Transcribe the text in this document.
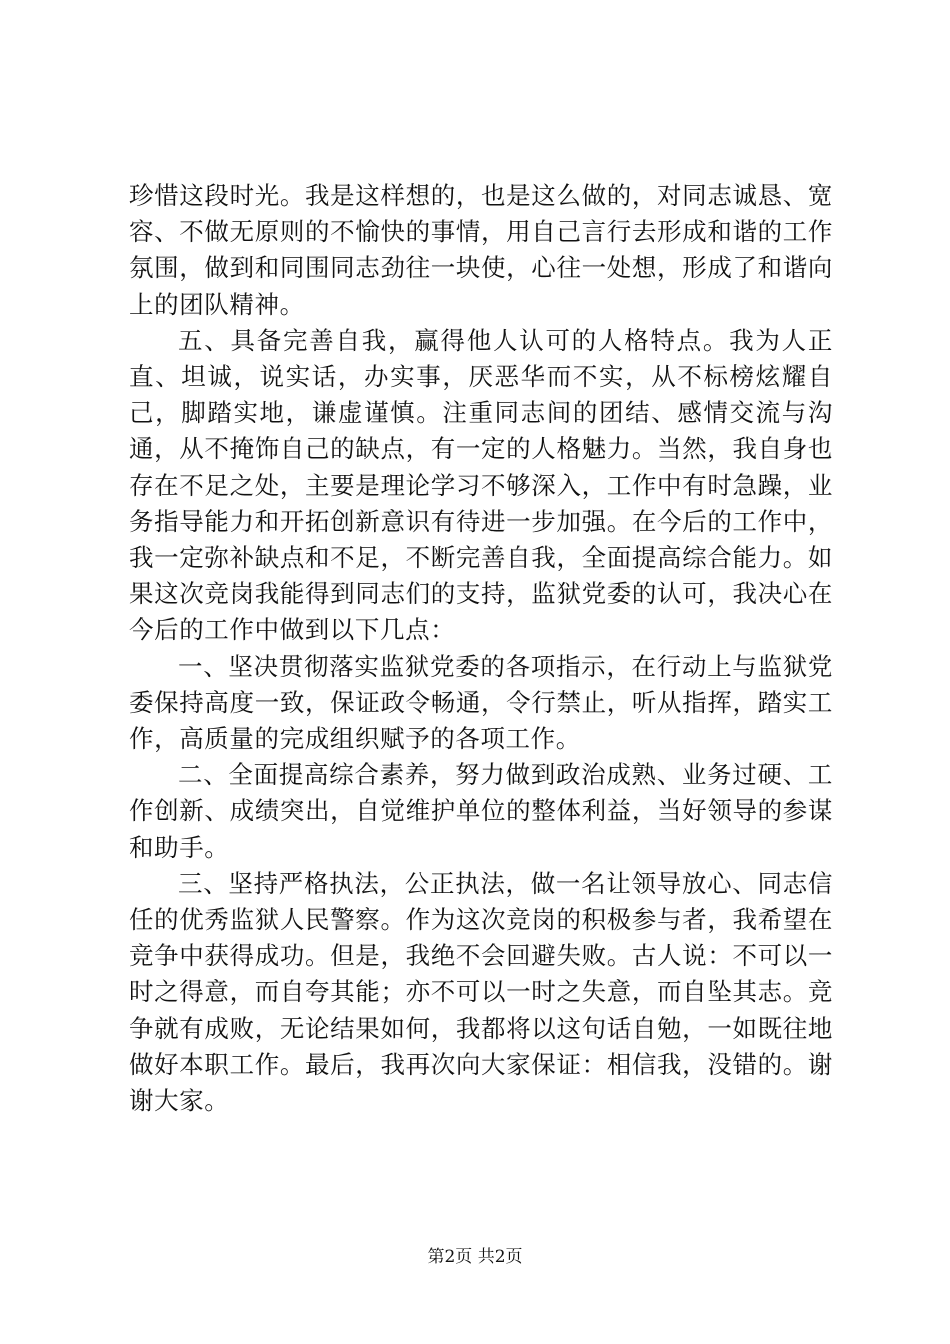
珍惜这段时光。我是这样想的，也是这么做的，对同志诚恳、宽容、不做无原则的不愉快的事情，用自己言行去形成和谐的工作氛围，做到和同围同志劲往一块使，心往一处想，形成了和谐向上的团队精神。

五、具备完善自我，赢得他人认可的人格特点。我为人正直、坦诚，说实话，办实事，厌恶华而不实，从不标榜炫耀自己，脚踏实地，谦虚谨慎。注重同志间的团结、感情交流与沟通，从不掩饰自己的缺点，有一定的人格魅力。当然，我自身也存在不足之处，主要是理论学习不够深入，工作中有时急躁，业务指导能力和开拓创新意识有待进一步加强。在今后的工作中，我一定弥补缺点和不足，不断完善自我，全面提高综合能力。如果这次竞岗我能得到同志们的支持，监狱党委的认可，我决心在今后的工作中做到以下几点：

一、坚决贯彻落实监狱党委的各项指示，在行动上与监狱党委保持高度一致，保证政令畅通，令行禁止，听从指挥，踏实工作，高质量的完成组织赋予的各项工作。

二、全面提高综合素养，努力做到政治成熟、业务过硬、工作创新、成绩突出，自觉维护单位的整体利益，当好领导的参谋和助手。

三、坚持严格执法，公正执法，做一名让领导放心、同志信任的优秀监狱人民警察。作为这次竞岗的积极参与者，我希望在竞争中获得成功。但是，我绝不会回避失败。古人说：不可以一时之得意，而自夸其能；亦不可以一时之失意，而自坠其志。竞争就有成败，无论结果如何，我都将以这句话自勉，一如既往地做好本职工作。最后，我再次向大家保证：相信我，没错的。谢谢大家。

第2页 共2页
